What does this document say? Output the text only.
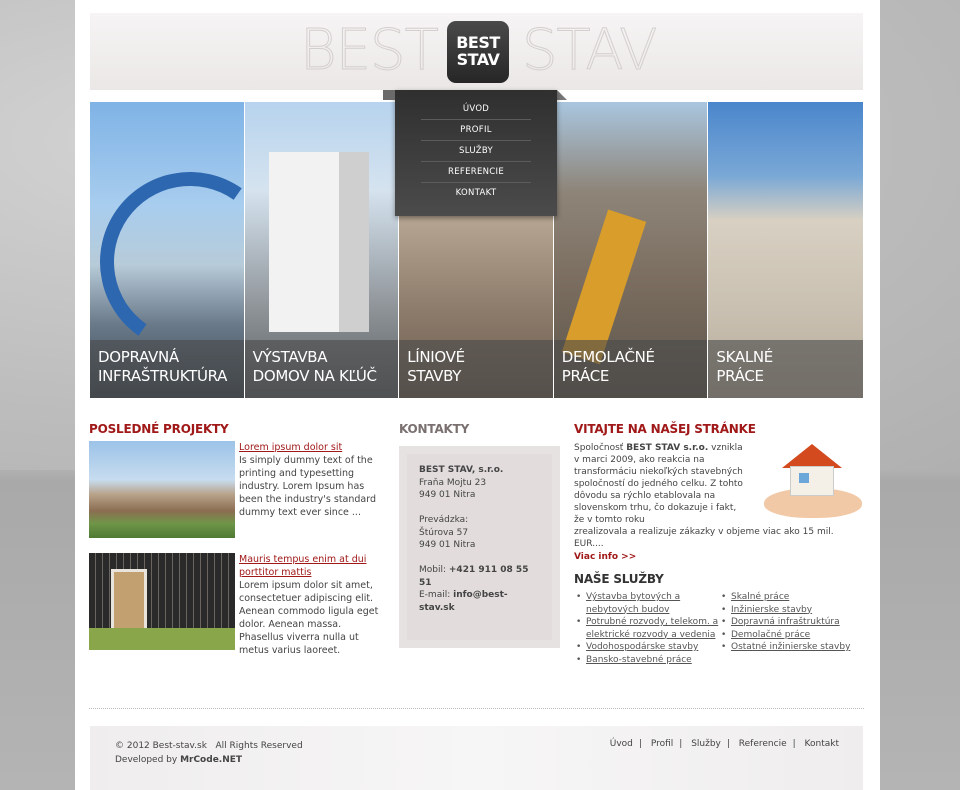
BEST STAV
BEST
STAV
DOPRAVNÁ
INFRAŠTRUKTÚRA
VÝSTAVBA
DOMOV NA KĽÚČ
LÍNIOVÉ
STAVBY
DEMOLAČNÉ
PRÁCE
SKALNÉ
PRÁCE
ÚVOD
PROFIL
SLUŽBY
REFERENCIE
KONTAKT
POSLEDNÉ PROJEKTY
Lorem ipsum dolor sit
Is simply dummy text of the printing and typesetting industry. Lorem Ipsum has been the industry's standard dummy text ever since ...
Mauris tempus enim at dui porttitor mattis
Lorem ipsum dolor sit amet, consectetuer adipiscing elit. Aenean commodo ligula eget dolor. Aenean massa. Phasellus viverra nulla ut metus varius laoreet.
KONTAKTY
BEST STAV, s.r.o.
Fraňa Mojtu 23
949 01 Nitra

Prevádzka:
Štúrova 57
949 01 Nitra

Mobil: +421 911 08 55 51
E-mail: info@best-stav.sk
VITAJTE NA NAŠEJ STRÁNKE
Spoločnosť BEST STAV s.r.o. vznikla v marci 2009, ako reakcia na transformáciu niekoľkých stavebných spoločností do jedného celku. Z tohto dôvodu sa rýchlo etablovala na slovenskom trhu, čo dokazuje i fakt, že v tomto roku
zrealizovala a realizuje zákazky v objeme viac ako 15 mil. EUR....
Viac info >>
NAŠE SLUŽBY
• Výstavba bytových a nebytových budov
• Potrubné rozvody, telekom. a elektrické rozvody a vedenia
• Vodohospodárske stavby
• Bansko-stavebné práce
• Skalné práce
• Inžinierske stavby
• Dopravná infraštruktúra
• Demolačné práce
• Ostatné inžinierske stavby
© 2012 Best-stav.sk   All Rights Reserved
Developed by MrCode.NET
Úvod | Profil | Služby | Referencie | Kontakt
